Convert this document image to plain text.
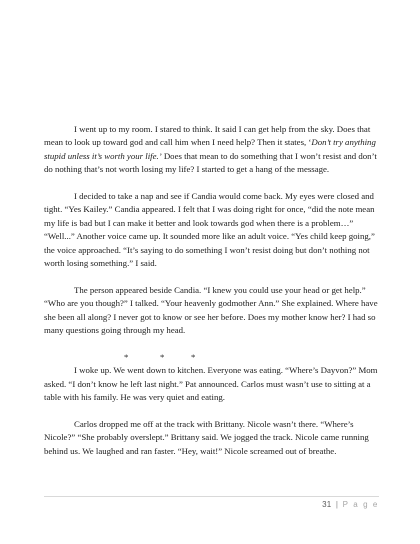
I went up to my room. I stared to think. It said I can get help from the sky. Does that mean to look up toward god and call him when I need help? Then it states, ‘Don’t try anything stupid unless it’s worth your life.’ Does that mean to do something that I won’t resist and don’t do nothing that’s not worth losing my life? I started to get a hang of the message.

I decided to take a nap and see if Candia would come back. My eyes were closed and tight. “Yes Kailey.” Candia appeared. I felt that I was doing right for once, “did the note mean my life is bad but I can make it better and look towards god when there is a problem…” “Well...” Another voice came up. It sounded more like an adult voice. “Yes child keep going,” the voice approached. “It’s saying to do something I won’t resist doing but don’t nothing not worth losing something.” I said.

The person appeared beside Candia. “I knew you could use your head or get help.” “Who are you though?” I talked. “Your heavenly godmother Ann.” She explained. Where have she been all along? I never got to know or see her before. Does my mother know her? I had so many questions going through my head.

*	*	*

I woke up. We went down to kitchen. Everyone was eating. “Where’s Dayvon?” Mom asked. “I don’t know he left last night.” Pat announced. Carlos must wasn’t use to sitting at a table with his family. He was very quiet and eating.

Carlos dropped me off at the track with Brittany. Nicole wasn’t there. “Where’s Nicole?” “She probably overslept.” Brittany said. We jogged the track. Nicole came running behind us. We laughed and ran faster. “Hey, wait!” Nicole screamed out of breathe.

31 | P a g e
